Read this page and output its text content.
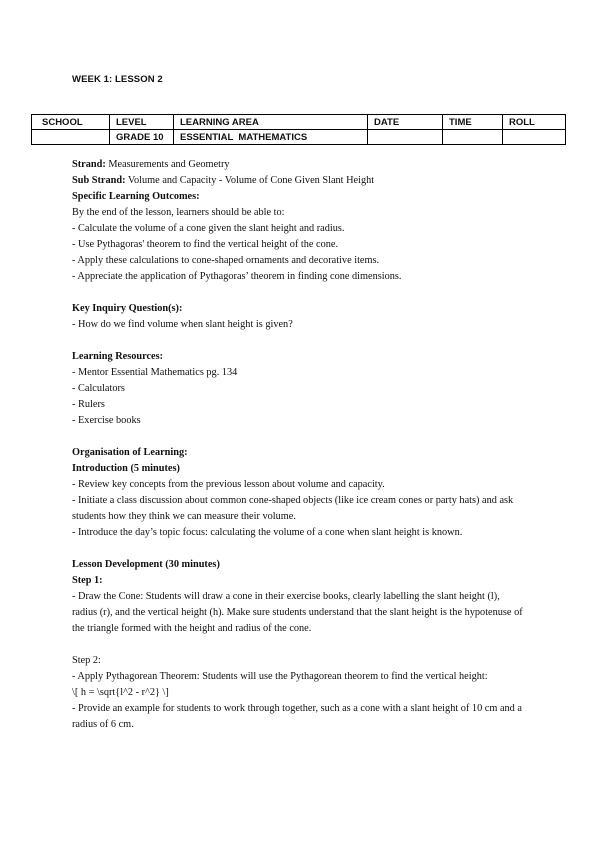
WEEK 1: LESSON 2
SCHOOL	LEVEL	LEARNING AREA	DATE	TIME	ROLL
	GRADE 10	ESSENTIAL  MATHEMATICS			

Strand: Measurements and Geometry

Sub Strand: Volume and Capacity - Volume of Cone Given Slant Height

Specific Learning Outcomes:

By the end of the lesson, learners should be able to:

- Calculate the volume of a cone given the slant height and radius.

- Use Pythagoras' theorem to find the vertical height of the cone.

- Apply these calculations to cone-shaped ornaments and decorative items.

- Appreciate the application of Pythagoras’ theorem in finding cone dimensions.

Key Inquiry Question(s):

- How do we find volume when slant height is given?

Learning Resources:

- Mentor Essential Mathematics pg. 134

- Calculators

- Rulers

- Exercise books

Organisation of Learning:

Introduction (5 minutes)

- Review key concepts from the previous lesson about volume and capacity.

- Initiate a class discussion about common cone-shaped objects (like ice cream cones or party hats) and ask students how they think we can measure their volume.

- Introduce the day’s topic focus: calculating the volume of a cone when slant height is known.

Lesson Development (30 minutes)

Step 1:

- Draw the Cone: Students will draw a cone in their exercise books, clearly labelling the slant height (l), radius (r), and the vertical height (h). Make sure students understand that the slant height is the hypotenuse of the triangle formed with the height and radius of the cone.

Step 2:

- Apply Pythagorean Theorem: Students will use the Pythagorean theorem to find the vertical height:

\[ h = \sqrt{l^2 - r^2} \]

- Provide an example for students to work through together, such as a cone with a slant height of 10 cm and a radius of 6 cm.
